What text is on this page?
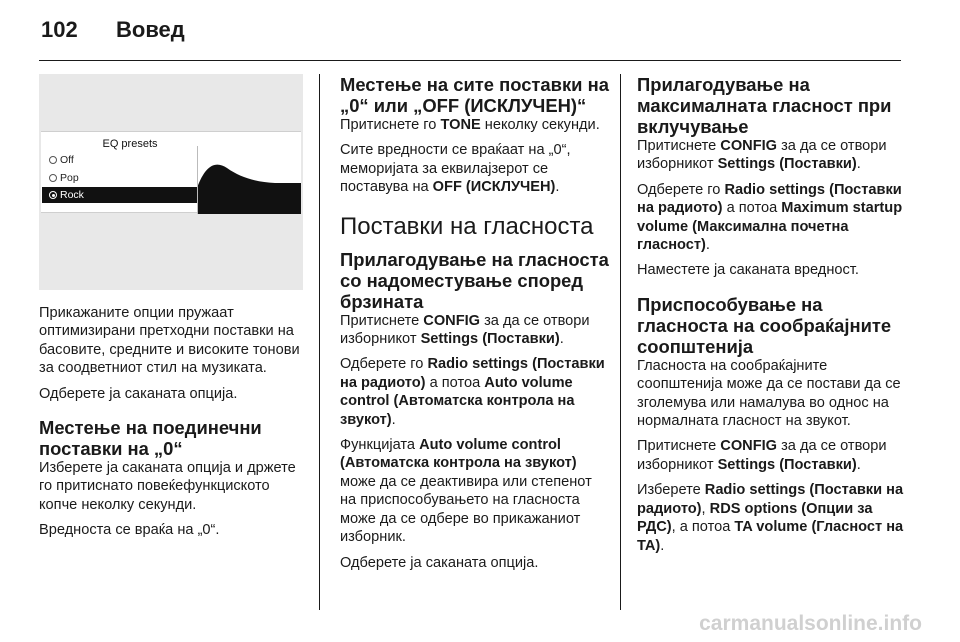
102 Вовед
EQ presets
Off
Pop
Rock
Прикажаните опции пружаат оптимизирани претходни поставки на басовите, средните и високите тонови за соодветниот стил на музиката.
Одберете ја саканата опција.
Местење на поединечни поставки на „0“
Изберете ја саканата опција и држете го притиснато повеќефункциското копче неколку секунди.
Вредноста се враќа на „0“.
Местење на сите поставки на „0“ или „OFF (ИСКЛУЧЕН)“
Притиснете го TONE неколку секунди.
Сите вредности се враќаат на „0“, меморијата за еквилајзерот се поставува на OFF (ИСКЛУЧЕН).
Поставки на гласноста
Прилагодување на гласноста со надоместување според брзината
Притиснете CONFIG за да се отвори изборникот Settings (Поставки).
Одберете го Radio settings (Поставки на радиото) а потоа Auto volume control (Автоматска контрола на звукот).
Функцијата Auto volume control (Автоматска контрола на звукот) може да се деактивира или степенот на приспособувањето на гласноста може да се одбере во прикажаниот изборник.
Одберете ја саканата опција.
Прилагодување на максималната гласност при вклучување
Притиснете CONFIG за да се отвори изборникот Settings (Поставки).
Одберете го Radio settings (Поставки на радиото) а потоа Maximum startup volume (Максимална почетна гласност).
Наместете ја саканата вредност.
Приспособување на гласноста на сообраќајните соопштенија
Гласноста на сообраќајните соопштенија може да се постави да се зголемува или намалува во однос на нормалната гласност на звукот.
Притиснете CONFIG за да се отвори изборникот Settings (Поставки).
Изберете Radio settings (Поставки на радиото), RDS options (Опции за РДС), а потоа TA volume (Гласност на TA).
carmanualsonline.info
